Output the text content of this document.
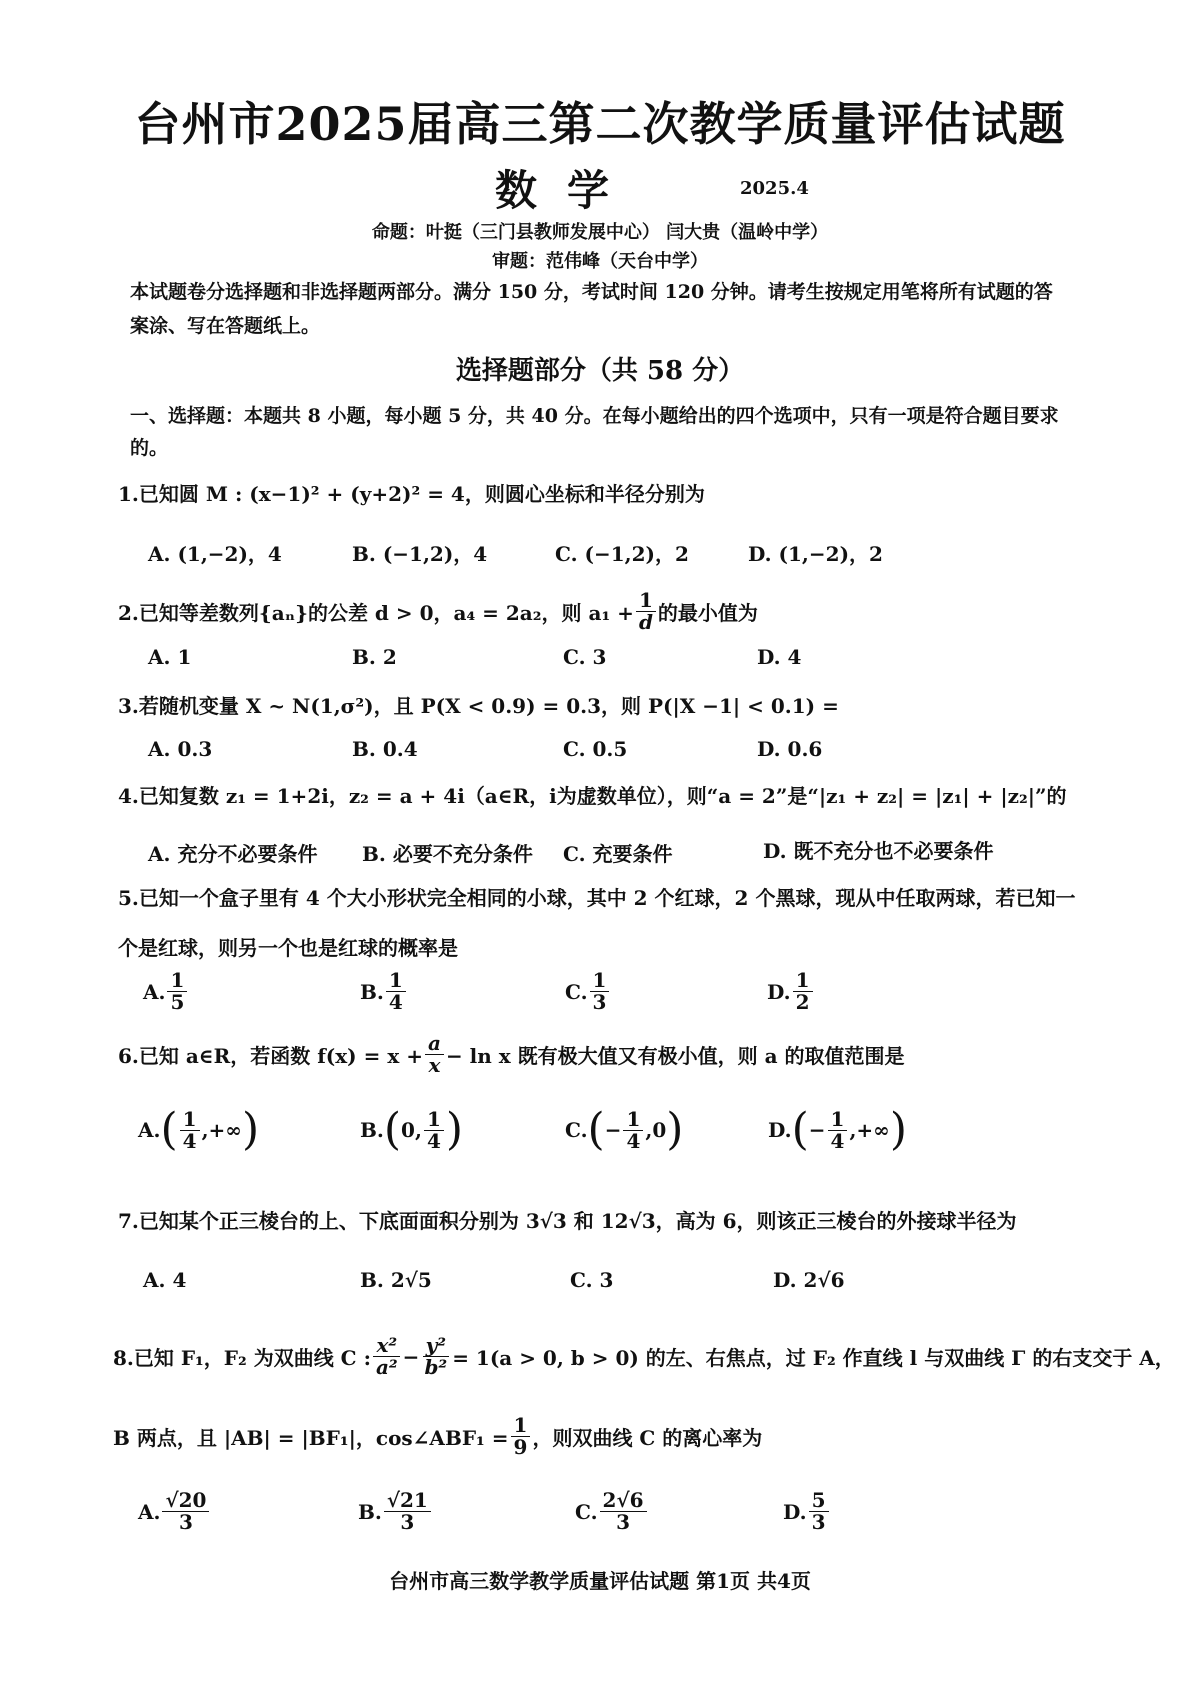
台州市2025届高三第二次教学质量评估试题
数学	2025.4
命题：叶挺（三门县教师发展中心） 闫大贵（温岭中学）
审题：范伟峰（天台中学）
本试题卷分选择题和非选择题两部分。满分 150 分，考试时间 120 分钟。请考生按规定用笔将所有试题的答案涂、写在答题纸上。
选择题部分（共 58 分）
一、选择题：本题共 8 小题，每小题 5 分，共 40 分。在每小题给出的四个选项中，只有一项是符合题目要求的。
1.已知圆 M : (x−1)² + (y+2)² = 4，则圆心坐标和半径分别为
A. (1,−2)，4	B. (−1,2)，4	C. (−1,2)，2	D. (1,−2)，2
2.已知等差数列{aₙ}的公差 d > 0，a₄ = 2a₂，则 $a_1 + \frac{1}{d}$ 的最小值为
A. 1	B. 2	C. 3	D. 4
3.若随机变量 X ~ N(1,σ²)，且 P(X < 0.9) = 0.3，则 P(|X −1| < 0.1) =
A. 0.3	B. 0.4	C. 0.5	D. 0.6
4.已知复数 z₁ = 1+2i，z₂ = a + 4i（a∈R，i为虚数单位），则“a = 2”是“|z₁ + z₂| = |z₁| + |z₂|”的
A. 充分不必要条件 B. 必要不充分条件 C. 充要条件	D. 既不充分也不必要条件
5.已知一个盒子里有 4 个大小形状完全相同的小球，其中 2 个红球，2 个黑球，现从中任取两球，若已知一
个是红球，则另一个也是红球的概率是
A. $\frac{1}{5}$	B. $\frac{1}{4}$	C. $\frac{1}{3}$	D. $\frac{1}{2}$
6.已知 a∈R，若函数 $f(x) = x + \frac{a}{x} - \ln x$ 既有极大值又有极小值，则 a 的取值范围是
A. ( $\frac{1}{4}$ ,+∞ )	B. ( 0, $\frac{1}{4}$ )	C. ( − $\frac{1}{4} ,0$ )	D. ( − $\frac{1}{4}$ ,+∞ )
7.已知某个正三棱台的上、下底面面积分别为 3√3 和 12√3，高为 6，则该正三棱台的外接球半径为
A. 4	B. 2√5	C. 3	D. 2√6
8.已知 F₁，F₂ 为双曲线 C : $\frac{\text{x²}}{\text{a²}} - \frac{\text{y²}}{\text{b²}} = 1(a > 0$, b > 0) 的左、右焦点，过 F₂ 作直线 l 与双曲线 Γ 的右支交于 A，
B 两点，且 |AB| = |BF₁|，cos∠ABF₁ = $\frac{1}{9}$ ，则双曲线 C 的离心率为
A. $\frac{√20}{3}$	B. $\frac{√21}{3}$	C. $\frac{2√6}{3}$	D. $\frac{5}{3}$
台州市高三数学教学质量评估试题 第1页 共4页
